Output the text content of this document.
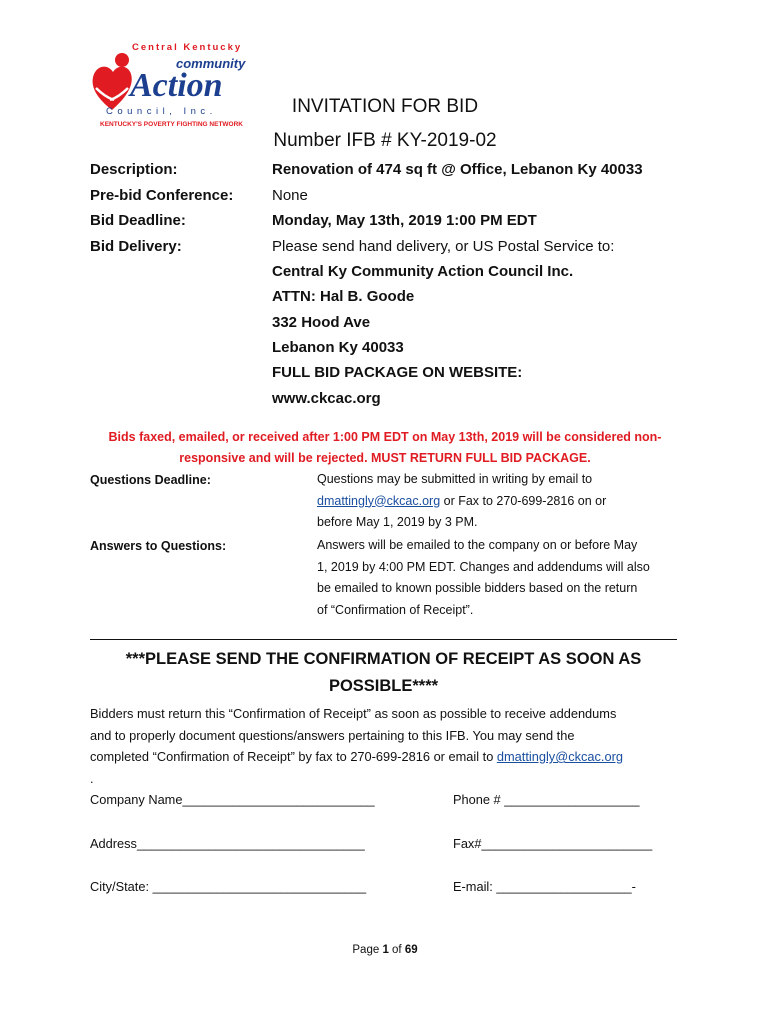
Central Kentucky
community
Action
Council, Inc.
KENTUCKY'S POVERTY FIGHTING NETWORK
INVITATION FOR BID
Number IFB # KY-2019-02
Description:	Renovation of 474 sq ft @ Office, Lebanon Ky 40033
Pre-bid Conference:	None
Bid Deadline:	Monday, May 13th, 2019 1:00 PM EDT
Bid Delivery:	Please send hand delivery, or US Postal Service to:
Central Ky Community Action Council Inc.
ATTN: Hal B. Goode
332 Hood Ave
Lebanon Ky 40033
FULL BID PACKAGE ON WEBSITE:
www.ckcac.org
Bids faxed, emailed, or received after 1:00 PM EDT on May 13th, 2019 will be considered non-
responsive and will be rejected. MUST RETURN FULL BID PACKAGE.
Questions Deadline:	Questions may be submitted in writing by email to
dmattingly@ckcac.org or Fax to 270-699-2816 on or
before May 1, 2019 by 3 PM.
Answers to Questions:	Answers will be emailed to the company on or before May
1, 2019 by 4:00 PM EDT. Changes and addendums will also
be emailed to known possible bidders based on the return
of “Confirmation of Receipt”.
***PLEASE SEND THE CONFIRMATION OF RECEIPT AS SOON AS
POSSIBLE****
Bidders must return this “Confirmation of Receipt” as soon as possible to receive addendums
and to properly document questions/answers pertaining to this IFB. You may send the
completed “Confirmation of Receipt” by fax to 270-699-2816 or email to dmattingly@ckcac.org
.
Company Name___________________________	Phone # ___________________
Address________________________________	Fax#________________________
City/State: ______________________________	E-mail: ___________________-
Page 1 of 69
